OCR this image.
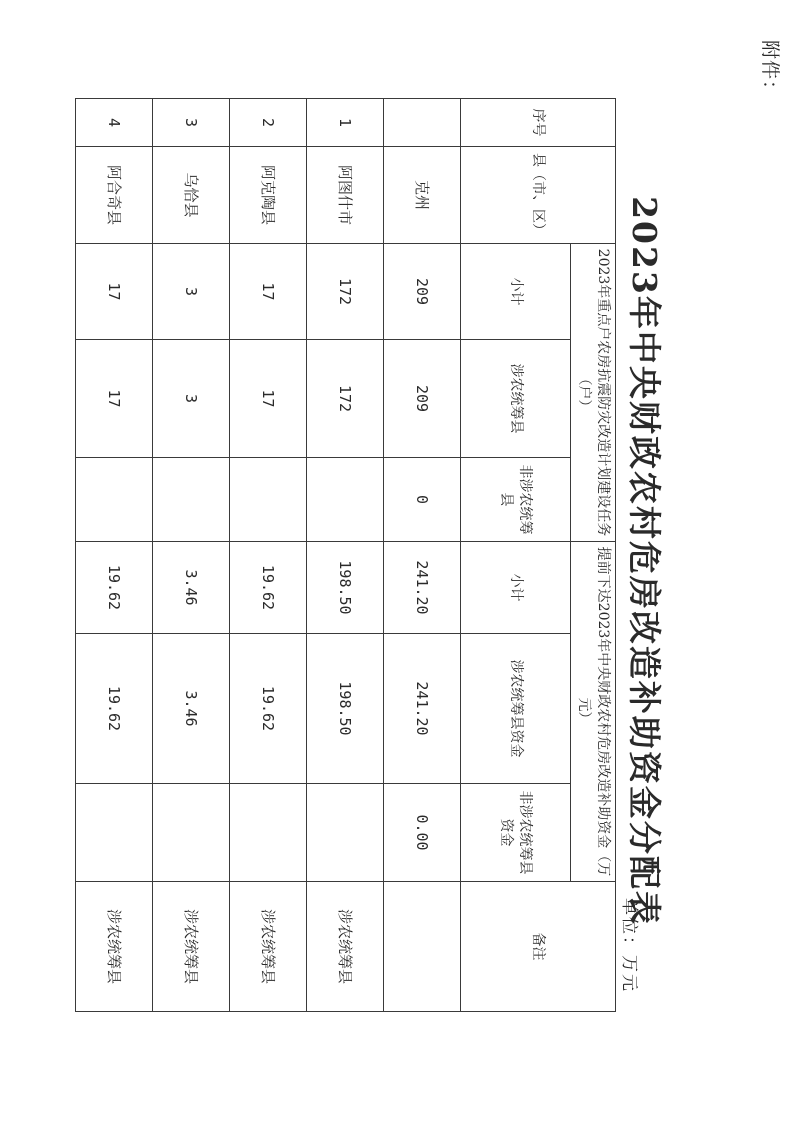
附件：
2023年中央财政农村危房改造补助资金分配表
单位：万元
序号	县（市、区）	2023年重点户农房抗震防灾改造计划建设任务（户）			提前下达2023年中央财政农村危房改造补助资金（万元）			备注
		小计	涉农统筹县	非涉农统筹县	小计	涉农统筹县资金	非涉农统筹县资金	
	克州	209	209	0	241.20	241.20	0.00	
1	阿图什市	172	172		198.50	198.50		涉农统筹县
2	阿克陶县	17	17		19.62	19.62		涉农统筹县
3	乌恰县	3	3		3.46	3.46		涉农统筹县
4	阿合奇县	17	17		19.62	19.62		涉农统筹县
